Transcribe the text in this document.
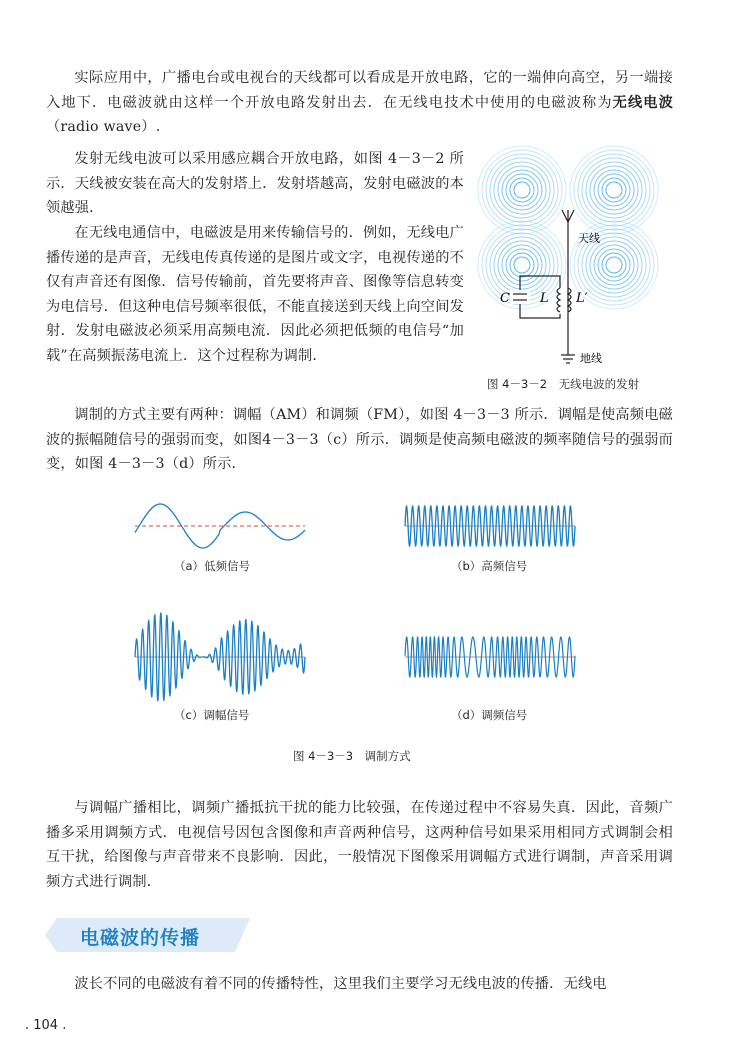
实际应用中，广播电台或电视台的天线都可以看成是开放电路，它的一端伸向高空，另一端接入地下．电磁波就由这样一个开放电路发射出去．在无线电技术中使用的电磁波称为无线电波（radio wave）.

发射无线电波可以采用感应耦合开放电路，如图 4－3－2 所示．天线被安装在高大的发射塔上．发射塔越高，发射电磁波的本领越强．

在无线电通信中，电磁波是用来传输信号的．例如，无线电广播传递的是声音，无线电传真传递的是图片或文字，电视传递的不仅有声音还有图像．信号传输前，首先要将声音、图像等信息转变为电信号．但这种电信号频率很低，不能直接送到天线上向空间发射．发射电磁波必须采用高频电流．因此必须把低频的电信号“加载”在高频振荡电流上．这个过程称为调制．

天线
地线
C L L′
图 4－3－2　无线电波的发射

调制的方式主要有两种：调幅（AM）和调频（FM），如图 4－3－3 所示．调幅是使高频电磁波的振幅随信号的强弱而变，如图4－3－3（c）所示．调频是使高频电磁波的频率随信号的强弱而变，如图 4－3－3（d）所示．

（a）低频信号	（b）高频信号
（c）调幅信号	（d）调频信号
图 4－3－3　调制方式

与调幅广播相比，调频广播抵抗干扰的能力比较强，在传递过程中不容易失真．因此，音频广播多采用调频方式．电视信号因包含图像和声音两种信号，这两种信号如果采用相同方式调制会相互干扰，给图像与声音带来不良影响．因此，一般情况下图像采用调幅方式进行调制，声音采用调频方式进行调制．

电磁波的传播

波长不同的电磁波有着不同的传播特性，这里我们主要学习无线电波的传播．无线电

. 104 .
